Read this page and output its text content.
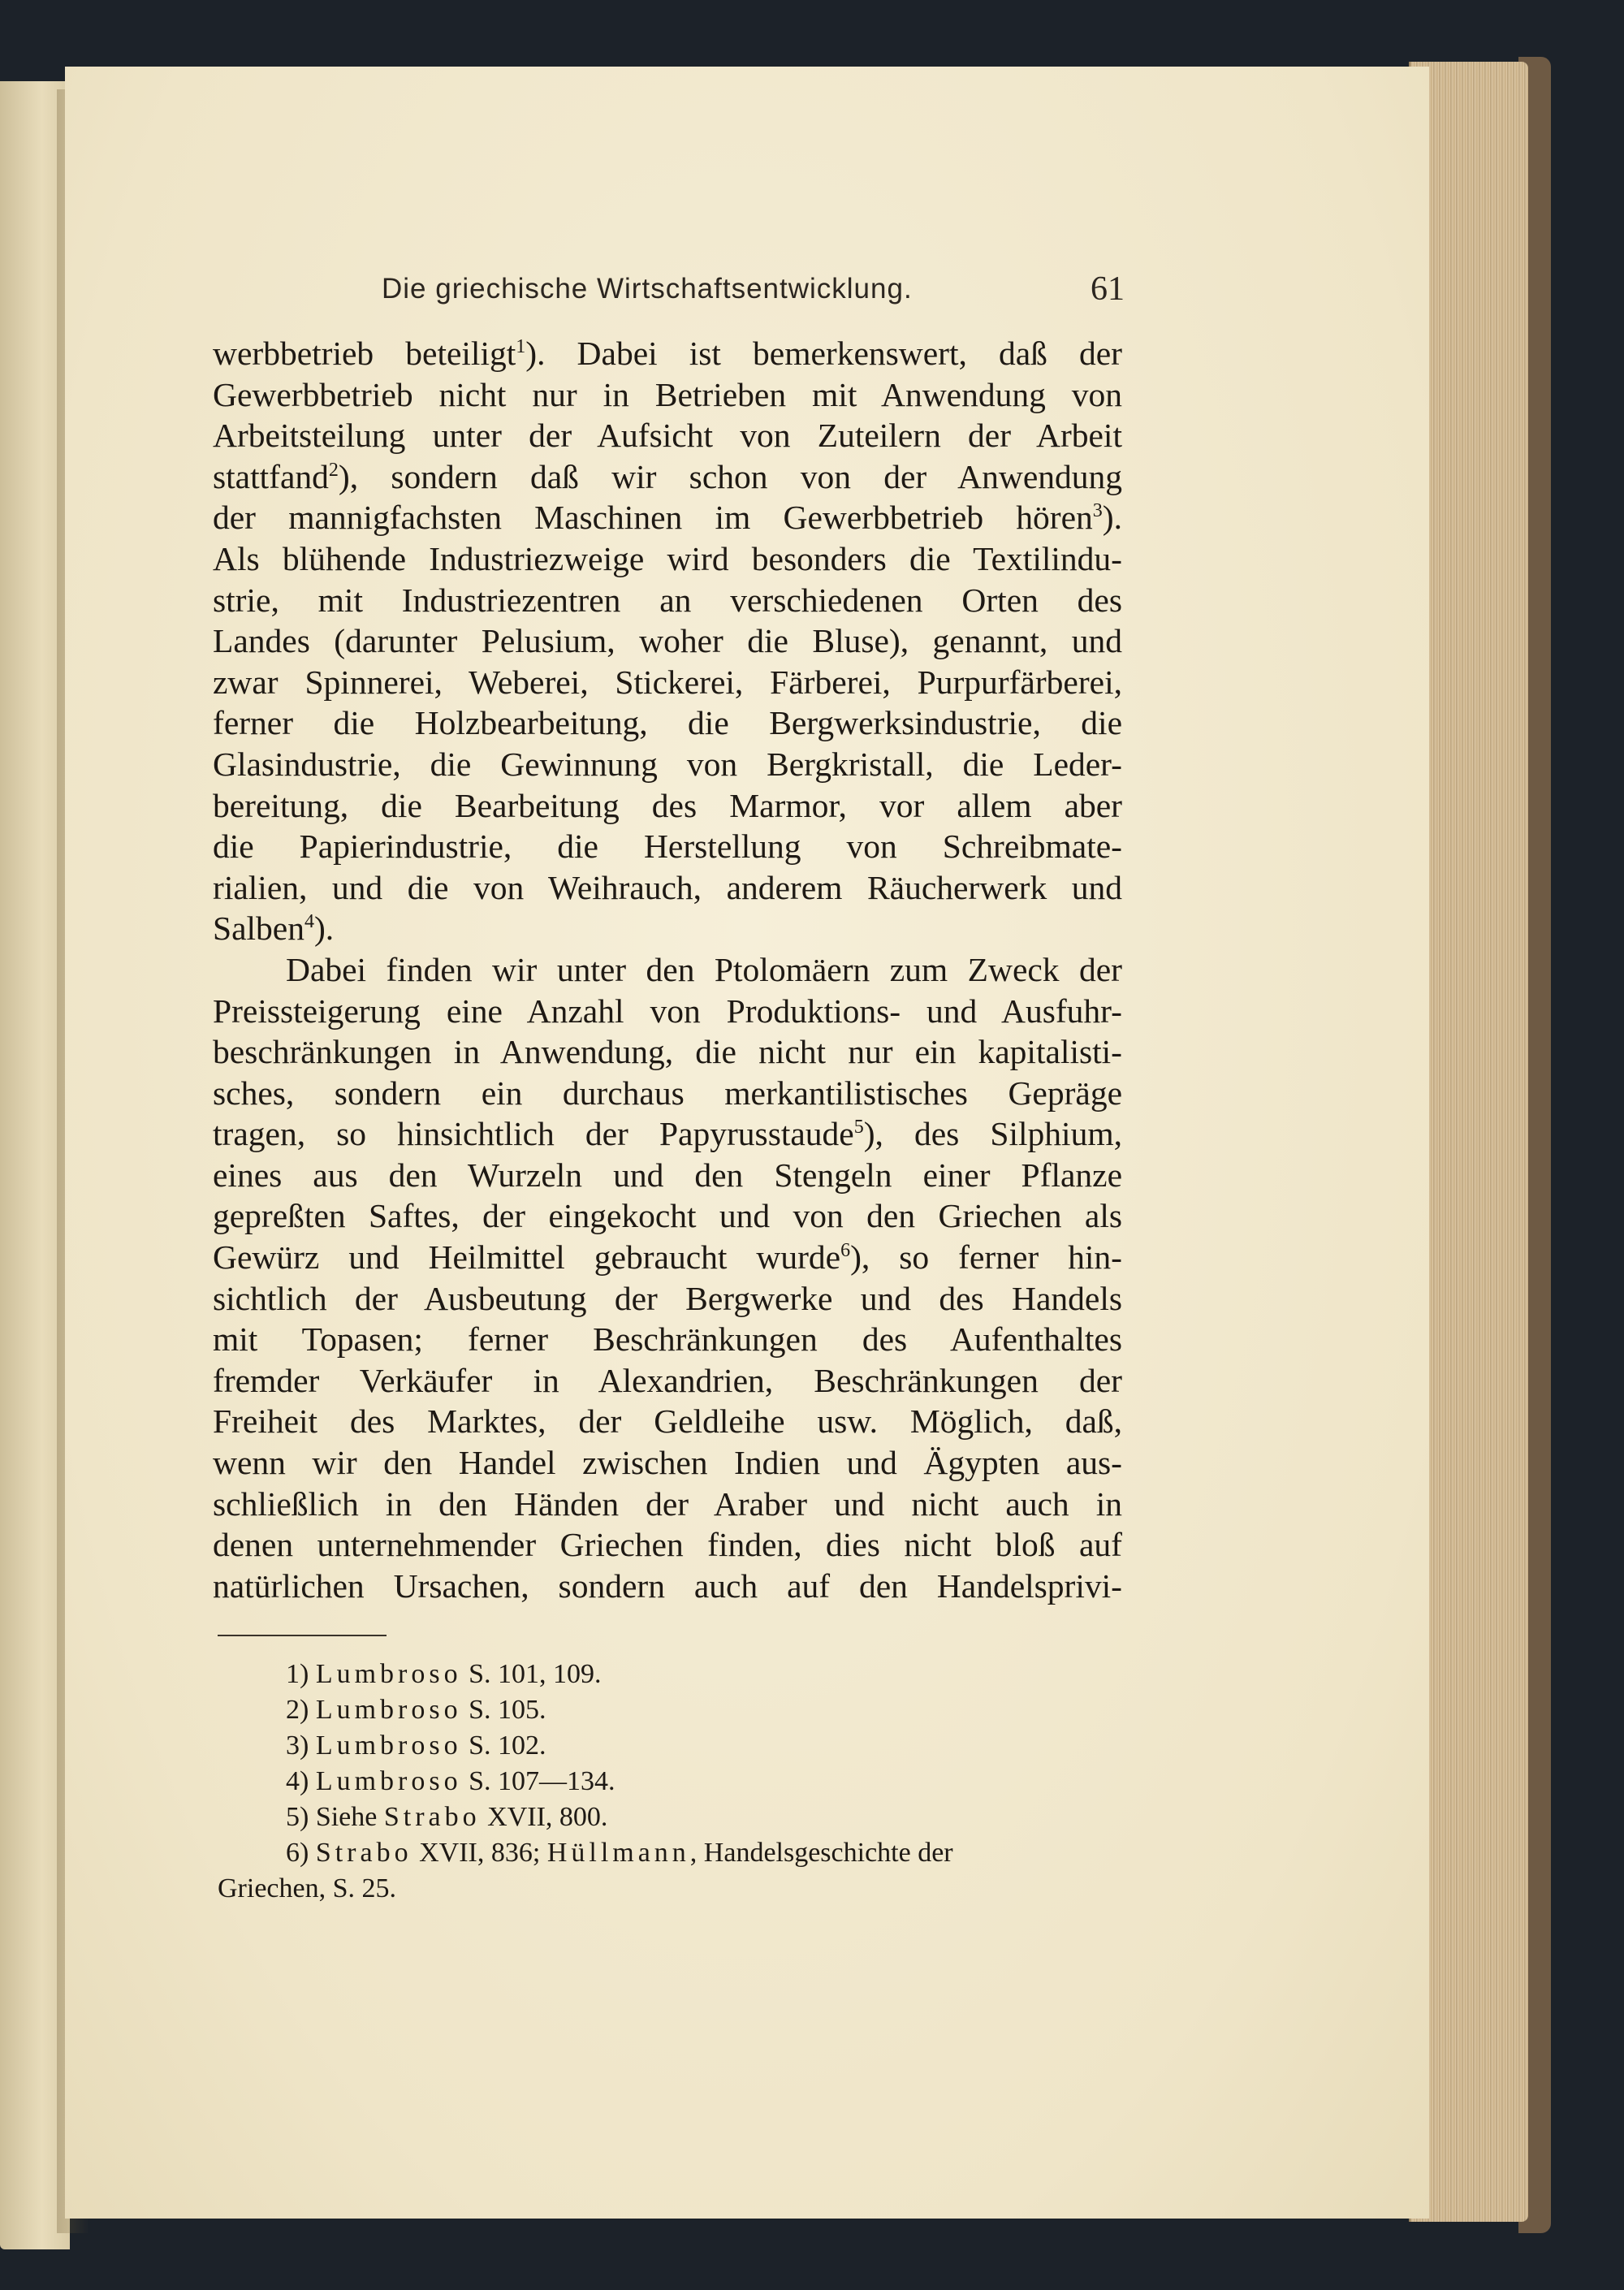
Die griechische Wirtschaftsentwicklung.	61
werbbetrieb beteiligt$^1$). Dabei ist bemerkenswert, daß der
Gewerbbetrieb nicht nur in Betrieben mit Anwendung von
Arbeitsteilung unter der Aufsicht von Zuteilern der Arbeit
stattfand$^2$), sondern daß wir schon von der Anwendung
der mannigfachsten Maschinen im Gewerbbetrieb hören$^3$).
Als blühende Industriezweige wird besonders die Textilindu-
strie, mit Industriezentren an verschiedenen Orten des
Landes (darunter Pelusium, woher die Bluse), genannt, und
zwar Spinnerei, Weberei, Stickerei, Färberei, Purpurfärberei,
ferner die Holzbearbeitung, die Bergwerksindustrie, die
Glasindustrie, die Gewinnung von Bergkristall, die Leder-
bereitung, die Bearbeitung des Marmor, vor allem aber
die Papierindustrie, die Herstellung von Schreibmate-
rialien, und die von Weihrauch, anderem Räucherwerk und
Salben$^4$).
Dabei finden wir unter den Ptolomäern zum Zweck der
Preissteigerung eine Anzahl von Produktions- und Ausfuhr-
beschränkungen in Anwendung, die nicht nur ein kapitalisti-
sches, sondern ein durchaus merkantilistisches Gepräge
tragen, so hinsichtlich der Papyrusstaude$^5$), des Silphium,
eines aus den Wurzeln und den Stengeln einer Pflanze
gepreßten Saftes, der eingekocht und von den Griechen als
Gewürz und Heilmittel gebraucht wurde$^6$), so ferner hin-
sichtlich der Ausbeutung der Bergwerke und des Handels
mit Topasen; ferner Beschränkungen des Aufenthaltes
fremder Verkäufer in Alexandrien, Beschränkungen der
Freiheit des Marktes, der Geldleihe usw. Möglich, daß,
wenn wir den Handel zwischen Indien und Ägypten aus-
schließlich in den Händen der Araber und nicht auch in
denen unternehmender Griechen finden, dies nicht bloß auf
natürlichen Ursachen, sondern auch auf den Handelsprivi-
1) Lumbroso S. 101, 109.
2) Lumbroso S. 105.
3) Lumbroso S. 102.
4) Lumbroso S. 107—134.
5) Siehe Strabo XVII, 800.
6) Strabo XVII, 836; Hüllmann, Handelsgeschichte der
Griechen, S. 25.
